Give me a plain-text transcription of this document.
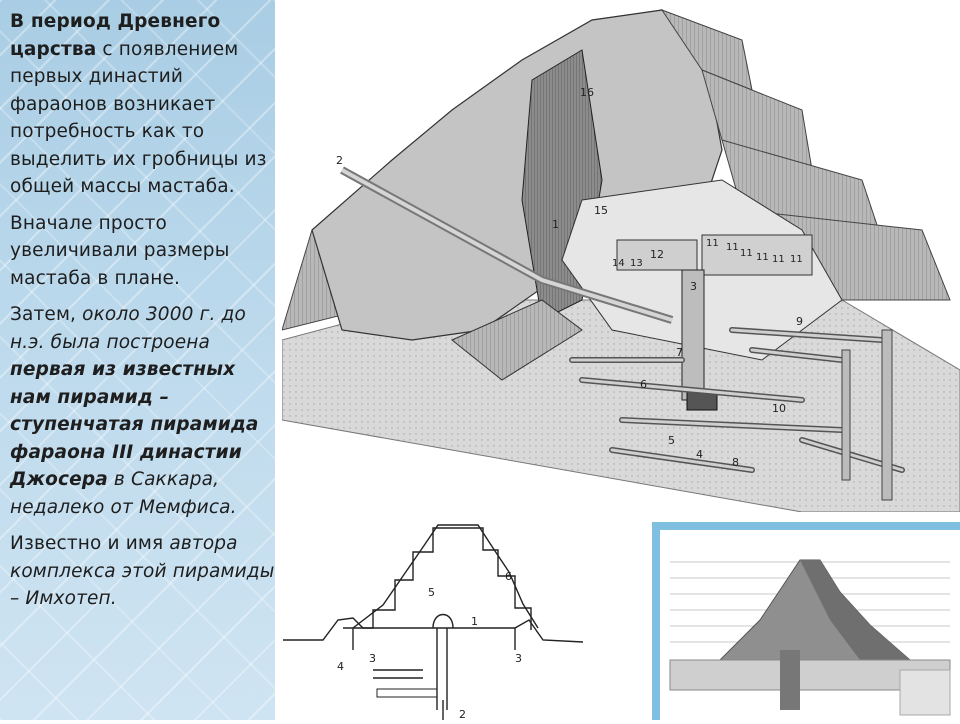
В период Древнего царства с появлением первых династий фараонов возникает потребность как то выделить их гробницы из общей массы мастаба.

Вначале просто увеличивали размеры мастаба в плане.

Затем, около 3000 г. до н.э. была построена первая из известных нам пирамид – ступенчатая пирамида фараона III династии Джосера в Саккара, недалеко от Мемфиса.

Известно и имя автора комплекса этой пирамиды – Имхотеп.

16
15
1
2
14 13
12
11 11
11 11 11 11
3
9
7
6
5
4
8
10
5
6
1
3	3
4
2
